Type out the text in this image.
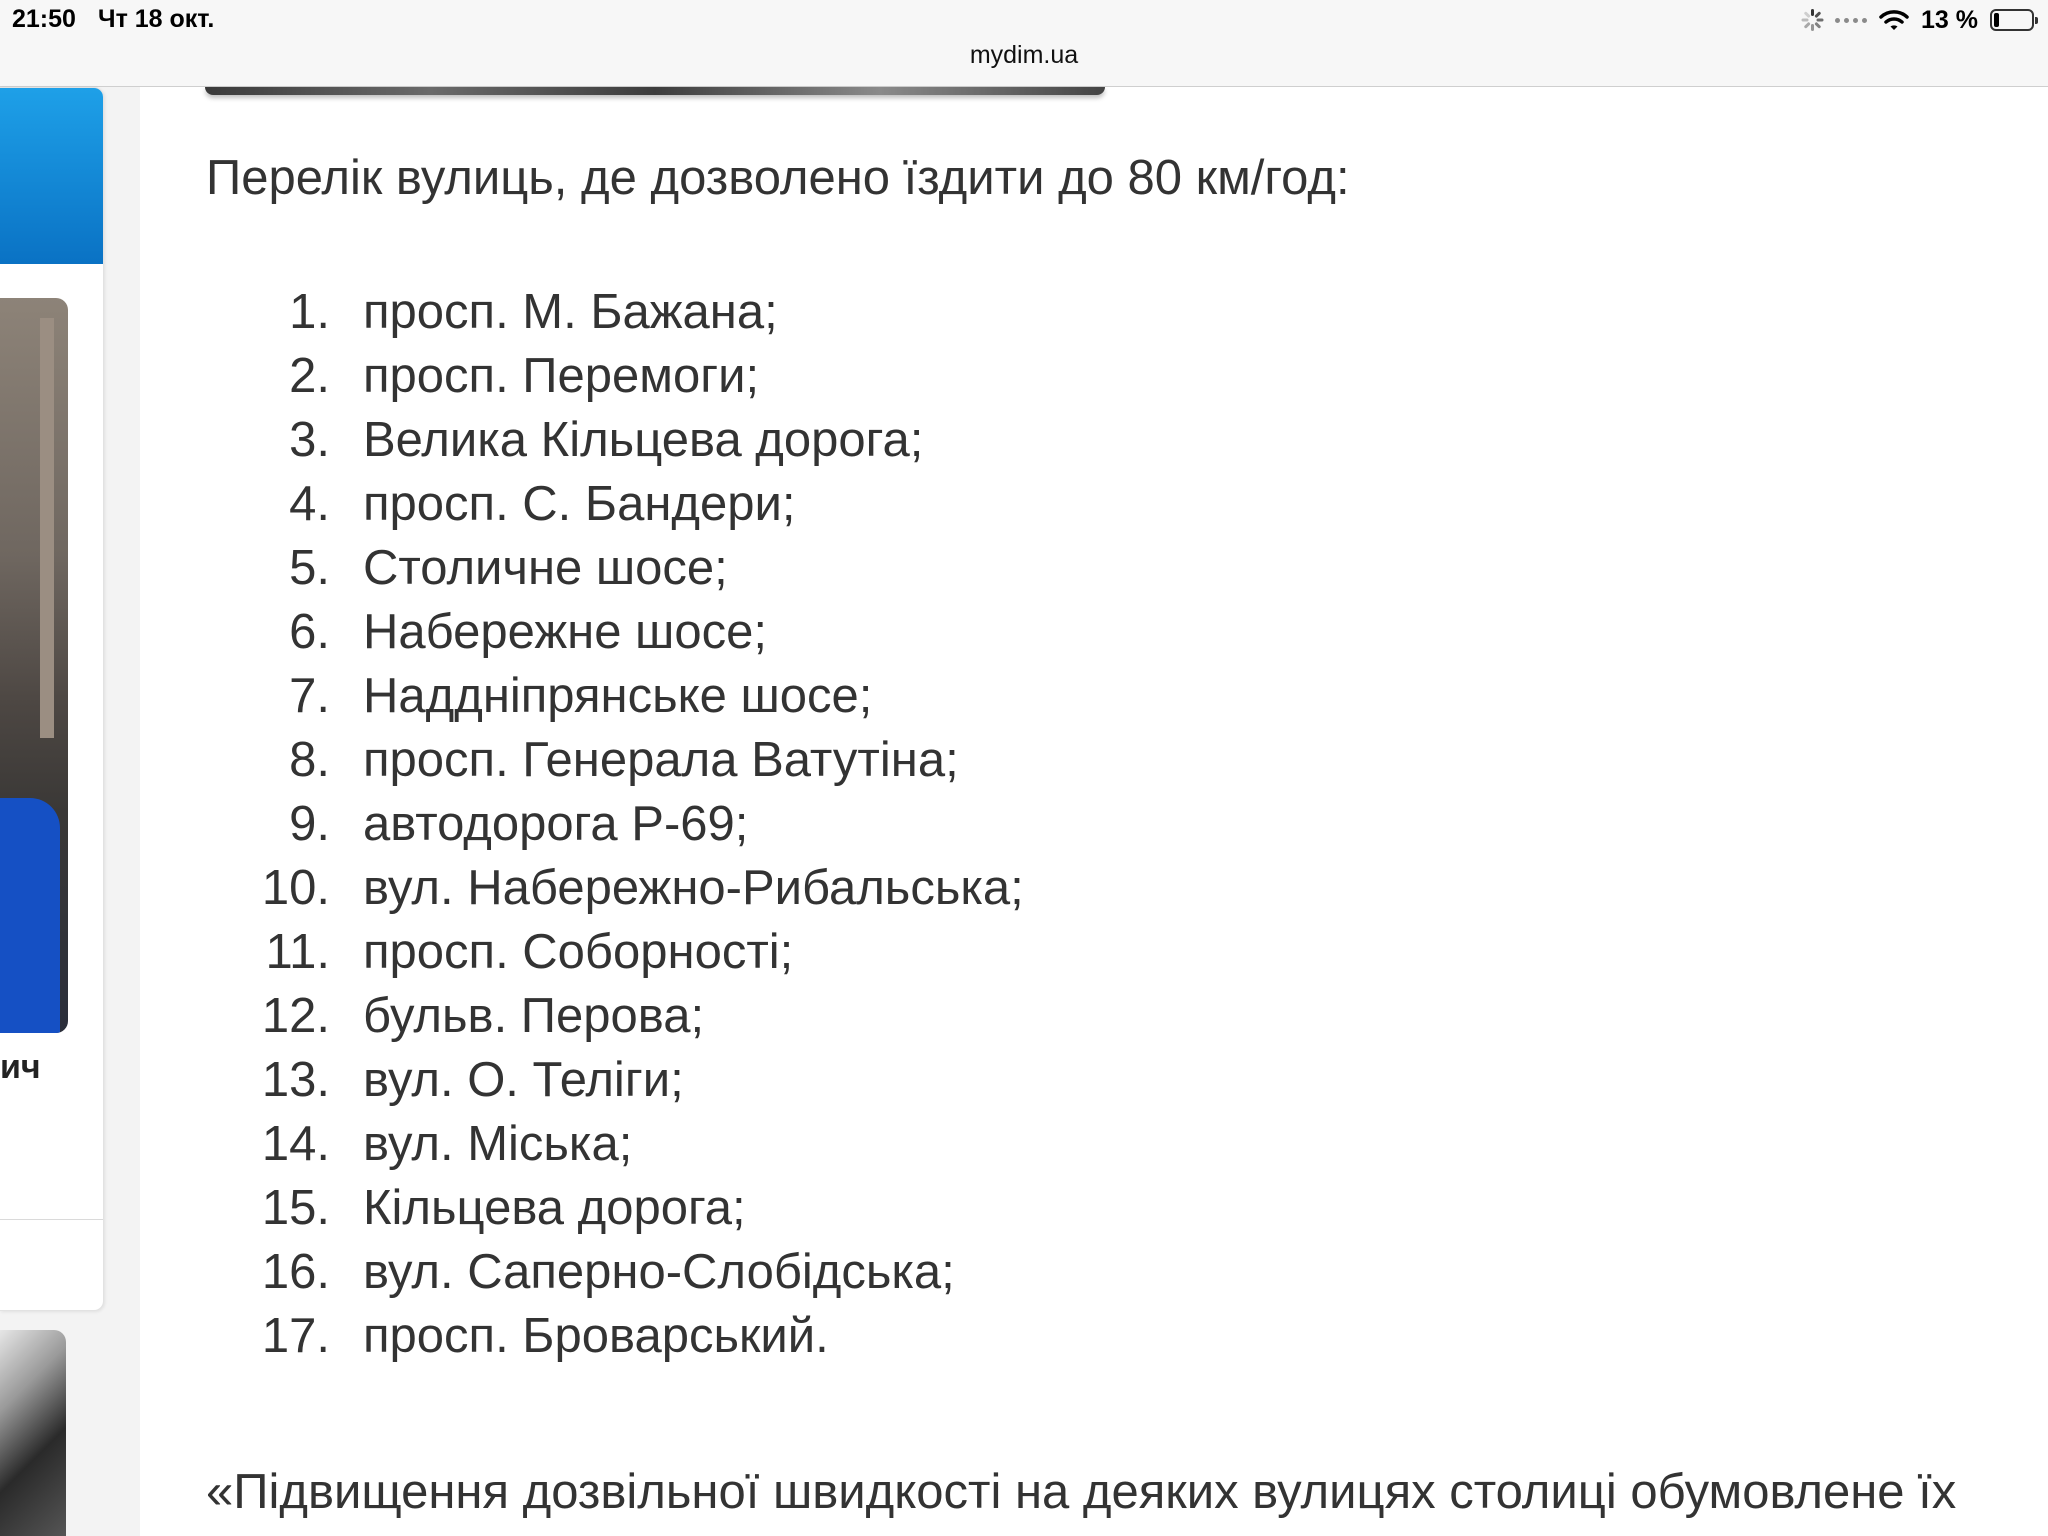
21:50 Чт 18 окт.	13 %
mydim.ua
ич
Перелік вулиць, де дозволено їздити до 80 км/год:
1. просп. М. Бажана;
2. просп. Перемоги;
3. Велика Кільцева дорога;
4. просп. С. Бандери;
5. Столичне шосе;
6. Набережне шосе;
7. Наддніпрянське шосе;
8. просп. Генерала Ватутіна;
9. автодорога Р-69;
10. вул. Набережно-Рибальська;
11. просп. Соборності;
12. бульв. Перова;
13. вул. О. Теліги;
14. вул. Міська;
15. Кільцева дорога;
16. вул. Саперно-Слобідська;
17. просп. Броварський.
«Підвищення дозвільної швидкості на деяких вулицях столиці обумовлене їх
